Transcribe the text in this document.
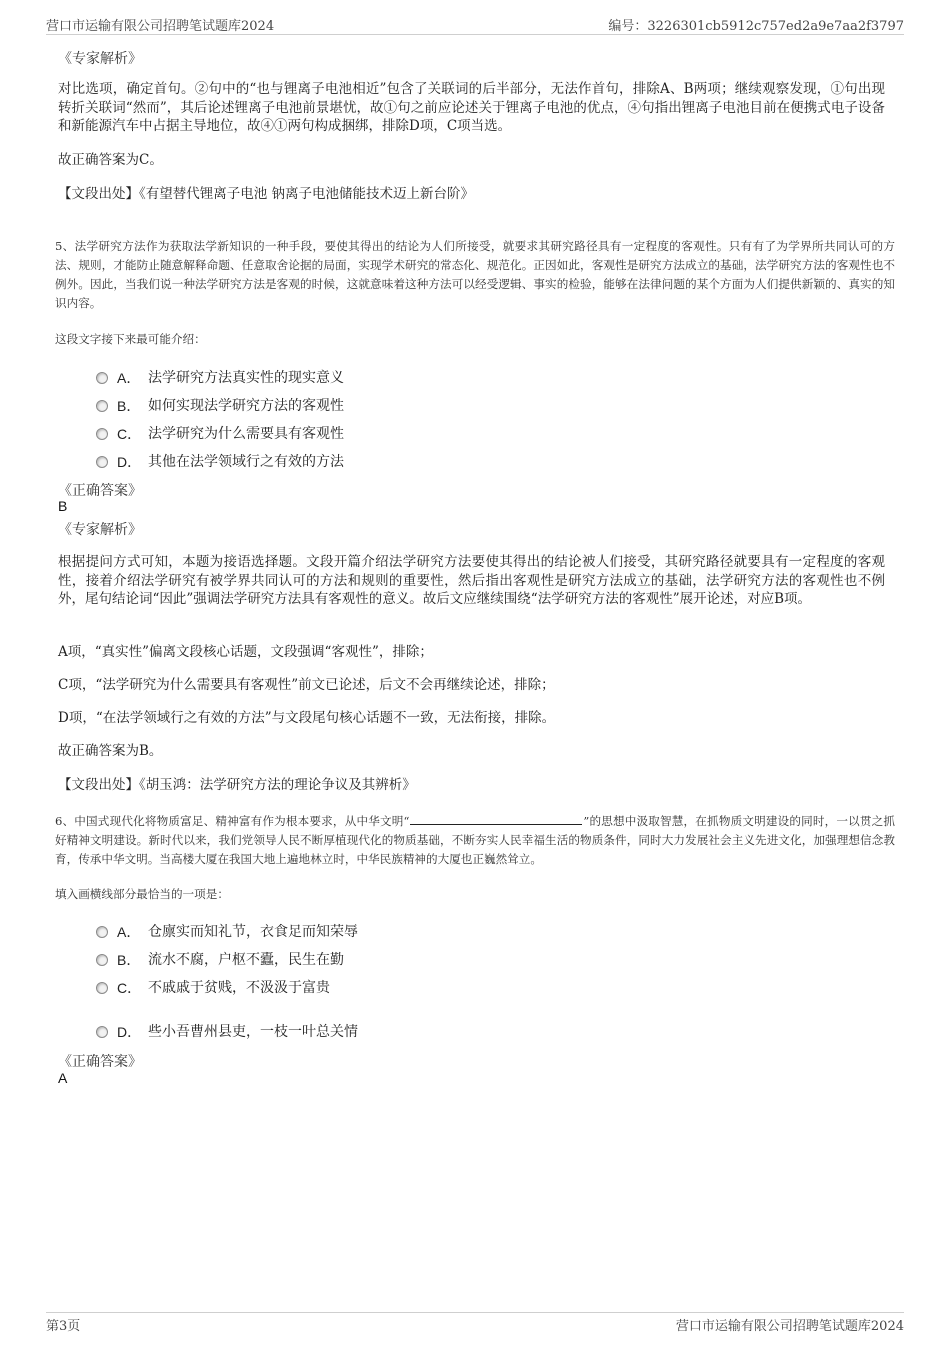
营口市运输有限公司招聘笔试题库2024	编号：3226301cb5912c757ed2a9e7aa2f3797
《专家解析》
对比选项，确定首句。②句中的“也与锂离子电池相近”包含了关联词的后半部分，无法作首句，排除A、B两项；继续观察发现，①句出现转折关联词“然而”，其后论述锂离子电池前景堪忧，故①句之前应论述关于锂离子电池的优点，④句指出锂离子电池目前在便携式电子设备和新能源汽车中占据主导地位，故④①两句构成捆绑，排除D项，C项当选。
故正确答案为C。
【文段出处】《有望替代锂离子电池 钠离子电池储能技术迈上新台阶》
5、法学研究方法作为获取法学新知识的一种手段，要使其得出的结论为人们所接受，就要求其研究路径具有一定程度的客观性。只有有了为学界所共同认可的方法、规则，才能防止随意解释命题、任意取舍论据的局面，实现学术研究的常态化、规范化。正因如此，客观性是研究方法成立的基础，法学研究方法的客观性也不例外。因此，当我们说一种法学研究方法是客观的时候，这就意味着这种方法可以经受逻辑、事实的检验，能够在法律问题的某个方面为人们提供新颖的、真实的知识内容。
这段文字接下来最可能介绍：
A． 法学研究方法真实性的现实意义
B． 如何实现法学研究方法的客观性
C． 法学研究为什么需要具有客观性
D． 其他在法学领域行之有效的方法
《正确答案》
B
《专家解析》
根据提问方式可知，本题为接语选择题。文段开篇介绍法学研究方法要使其得出的结论被人们接受，其研究路径就要具有一定程度的客观性，接着介绍法学研究有被学界共同认可的方法和规则的重要性，然后指出客观性是研究方法成立的基础，法学研究方法的客观性也不例外，尾句结论词“因此”强调法学研究方法具有客观性的意义。故后文应继续围绕“法学研究方法的客观性”展开论述，对应B项。
A项，“真实性”偏离文段核心话题，文段强调“客观性”，排除；
C项，“法学研究为什么需要具有客观性”前文已论述，后文不会再继续论述，排除；
D项，“在法学领域行之有效的方法”与文段尾句核心话题不一致，无法衔接，排除。
故正确答案为B。
【文段出处】《胡玉鸿：法学研究方法的理论争议及其辨析》
6、中国式现代化将物质富足、精神富有作为根本要求，从中华文明“	”的思想中汲取智慧，在抓物质文明建设的同时，一以贯之抓好精神文明建设。新时代以来，我们党领导人民不断厚植现代化的物质基础，不断夯实人民幸福生活的物质条件，同时大力发展社会主义先进文化，加强理想信念教育，传承中华文明。当高楼大厦在我国大地上遍地林立时，中华民族精神的大厦也正巍然耸立。
填入画横线部分最恰当的一项是：
A． 仓廪实而知礼节，衣食足而知荣辱
B． 流水不腐，户枢不蠹，民生在勤
C． 不戚戚于贫贱，不汲汲于富贵
D． 些小吾曹州县吏，一枝一叶总关情
《正确答案》
A
第3页	营口市运输有限公司招聘笔试题库2024
